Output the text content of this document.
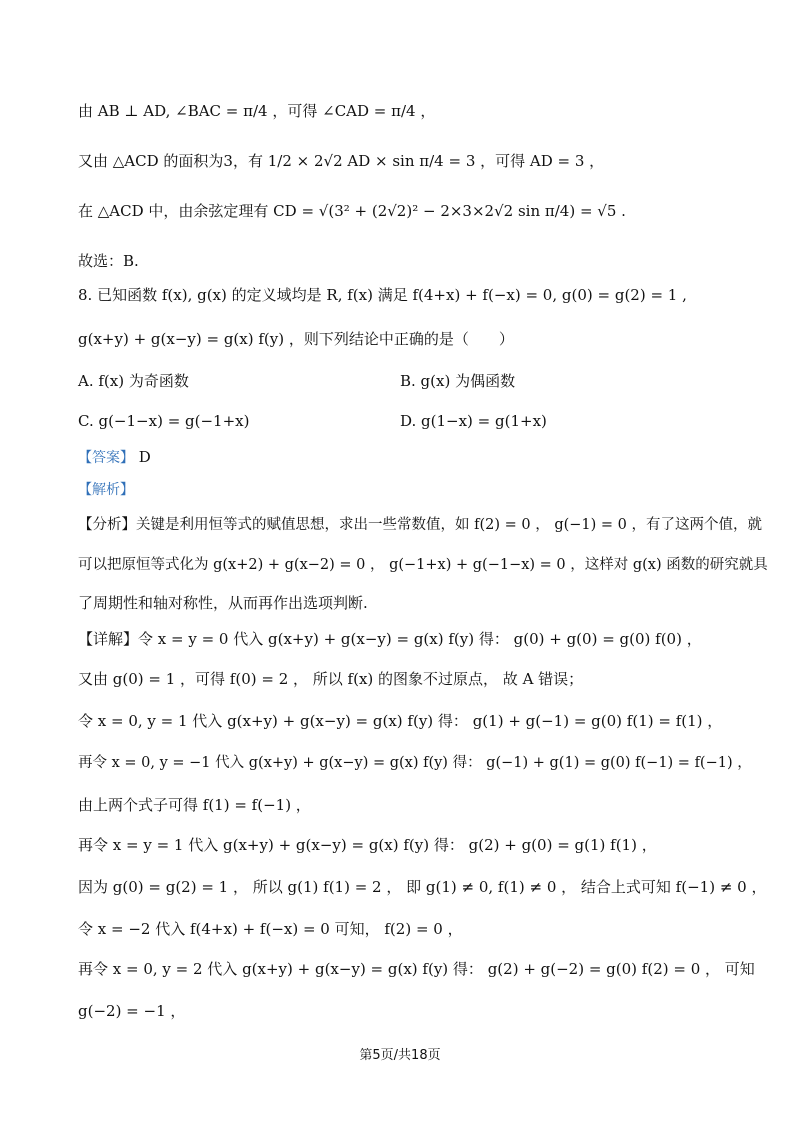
由 AB ⊥ AD, ∠BAC = π/4 ，可得 ∠CAD = π/4 ，
又由 △ACD 的面积为3，有 1/2 × 2√2 AD × sin π/4 = 3 ，可得 AD = 3 ，
在 △ACD 中，由余弦定理有 CD = √(3² + (2√2)² − 2×3×2√2 sin π/4) = √5 .
故选：B.
8. 已知函数 f(x), g(x) 的定义域均是 R, f(x) 满足 f(4+x) + f(−x) = 0, g(0) = g(2) = 1 ,
g(x+y) + g(x−y) = g(x) f(y) ，则下列结论中正确的是（　　）
A. f(x) 为奇函数	B. g(x) 为偶函数
C. g(−1−x) = g(−1+x)	D. g(1−x) = g(1+x)
【答案】 D
【解析】
【分析】关键是利用恒等式的赋值思想，求出一些常数值，如 f(2) = 0 ， g(−1) = 0 ，有了这两个值，就
可以把原恒等式化为 g(x+2) + g(x−2) = 0 ， g(−1+x) + g(−1−x) = 0 ，这样对 g(x) 函数的研究就具
了周期性和轴对称性，从而再作出选项判断.
【详解】令 x = y = 0 代入 g(x+y) + g(x−y) = g(x) f(y) 得： g(0) + g(0) = g(0) f(0) ，
又由 g(0) = 1 ，可得 f(0) = 2 ， 所以 f(x) 的图象不过原点， 故 A 错误；
令 x = 0, y = 1 代入 g(x+y) + g(x−y) = g(x) f(y) 得： g(1) + g(−1) = g(0) f(1) = f(1) ，
再令 x = 0, y = −1 代入 g(x+y) + g(x−y) = g(x) f(y) 得： g(−1) + g(1) = g(0) f(−1) = f(−1) ，
由上两个式子可得 f(1) = f(−1) ，
再令 x = y = 1 代入 g(x+y) + g(x−y) = g(x) f(y) 得： g(2) + g(0) = g(1) f(1) ，
因为 g(0) = g(2) = 1 ， 所以 g(1) f(1) = 2 ， 即 g(1) ≠ 0, f(1) ≠ 0 ， 结合上式可知 f(−1) ≠ 0 ，
令 x = −2 代入 f(4+x) + f(−x) = 0 可知， f(2) = 0 ，
再令 x = 0, y = 2 代入 g(x+y) + g(x−y) = g(x) f(y) 得： g(2) + g(−2) = g(0) f(2) = 0 ， 可知
g(−2) = −1 ，
第5页/共18页
